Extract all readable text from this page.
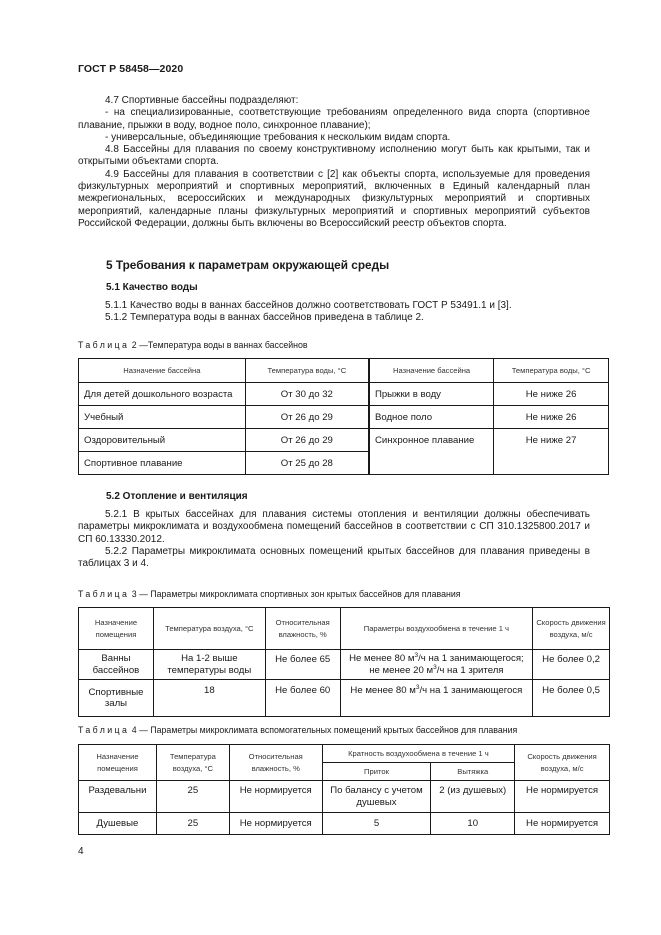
ГОСТ Р 58458—2020

4.7 Спортивные бассейны подразделяют:

- на специализированные, соответствующие требованиям определенного вида спорта (спортивное плавание, прыжки в воду, водное поло, синхронное плавание);

- универсальные, объединяющие требования к нескольким видам спорта.

4.8 Бассейны для плавания по своему конструктивному исполнению могут быть как крытыми, так и открытыми объектами спорта.

4.9 Бассейны для плавания в соответствии с [2] как объекты спорта, используемые для проведения физкультурных мероприятий и спортивных мероприятий, включенных в Единый календарный план межрегиональных, всероссийских и международных физкультурных мероприятий и спортивных мероприятий, календарные планы физкультурных мероприятий и спортивных мероприятий субъектов Российской Федерации, должны быть включены во Всероссийский реестр объектов спорта.

5 Требования к параметрам окружающей среды
5.1 Качество воды

5.1.1 Качество воды в ваннах бассейнов должно соответствовать ГОСТ Р 53491.1 и [3].

5.1.2 Температура воды в ваннах бассейнов приведена в таблице 2.

Таблица 2 —Температура воды в ваннах бассейнов
Назначение бассейна	Температура воды, °С	Назначение бассейна	Температура воды, °С
Для детей дошкольного возраста	От 30 до 32	Прыжки в воду	Не ниже 26
Учебный	От 26 до 29	Водное поло	Не ниже 26
Оздоровительный	От 26 до 29	Синхронное плавание	Не ниже 27
Спортивное плавание	От 25 до 28		
5.2 Отопление и вентиляция

5.2.1 В крытых бассейнах для плавания системы отопления и вентиляции должны обеспечивать параметры микроклимата и воздухообмена помещений бассейнов в соответствии с СП 310.1325800.2017 и СП 60.13330.2012.

5.2.2 Параметры микроклимата основных помещений крытых бассейнов для плавания приведены в таблицах 3 и 4.

Таблица 3 — Параметры микроклимата спортивных зон крытых бассейнов для плавания
Назначение помещения	Температура воздуха, °С	Относительная влажность, %	Параметры воздухообмена в течение 1 ч	Скорость движения воздуха, м/с
Ванны бассейнов	На 1-2 выше температуры воды	Не более 65	Не менее 80 $м^3/ч$ на 1 занимающегося;
не менее 20 $м^3/ч$ на 1 зрителя	Не более 0,2
Спортивные залы	18	Не более 60	Не менее 80 $м^3/ч$ на 1 занимающегося	Не более 0,5
Таблица 4 — Параметры микроклимата вспомогательных помещений крытых бассейнов для плавания
Назначение помещения	Температура воздуха, °С	Относительная влажность, %	Кратность воздухообмена в течение 1 ч		Скорость движения воздуха, м/с
			Приток	Вытяжка	
Раздевальни	25	Не нормируется	По балансу с учетом душевых	2 (из душевых)	Не нормируется
Душевые	25	Не нормируется	5	10	Не нормируется
4
